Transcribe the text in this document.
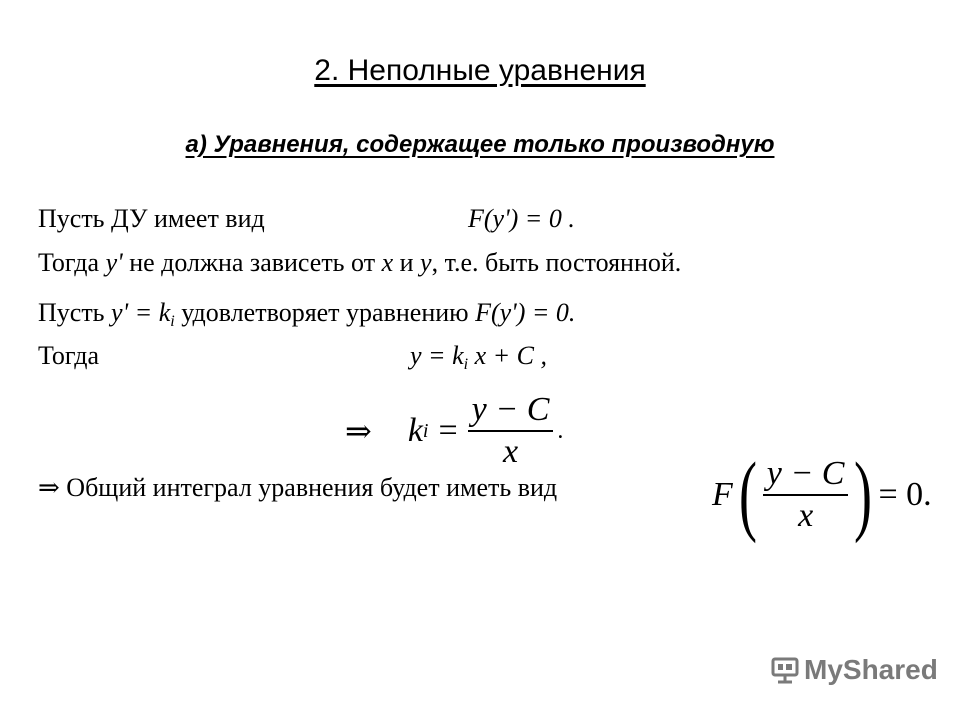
2. Неполные уравнения
а) Уравнения, содержащее только производную
Пусть ДУ имеет вид	F(y') = 0 .
Тогда y' не должна зависеть от x и y, т.е. быть постоянной.
Пусть $y' = k_i$ удовлетворяет уравнению F(y') = 0.
Тогда	$y = k_i$ x + C ,
⇒ k $i = \frac{y - C}{x}$ .
⇒ Общий интеграл уравнения будет иметь вид	F ( $\frac{y - C}{x}$ ) = 0.
MyShared
